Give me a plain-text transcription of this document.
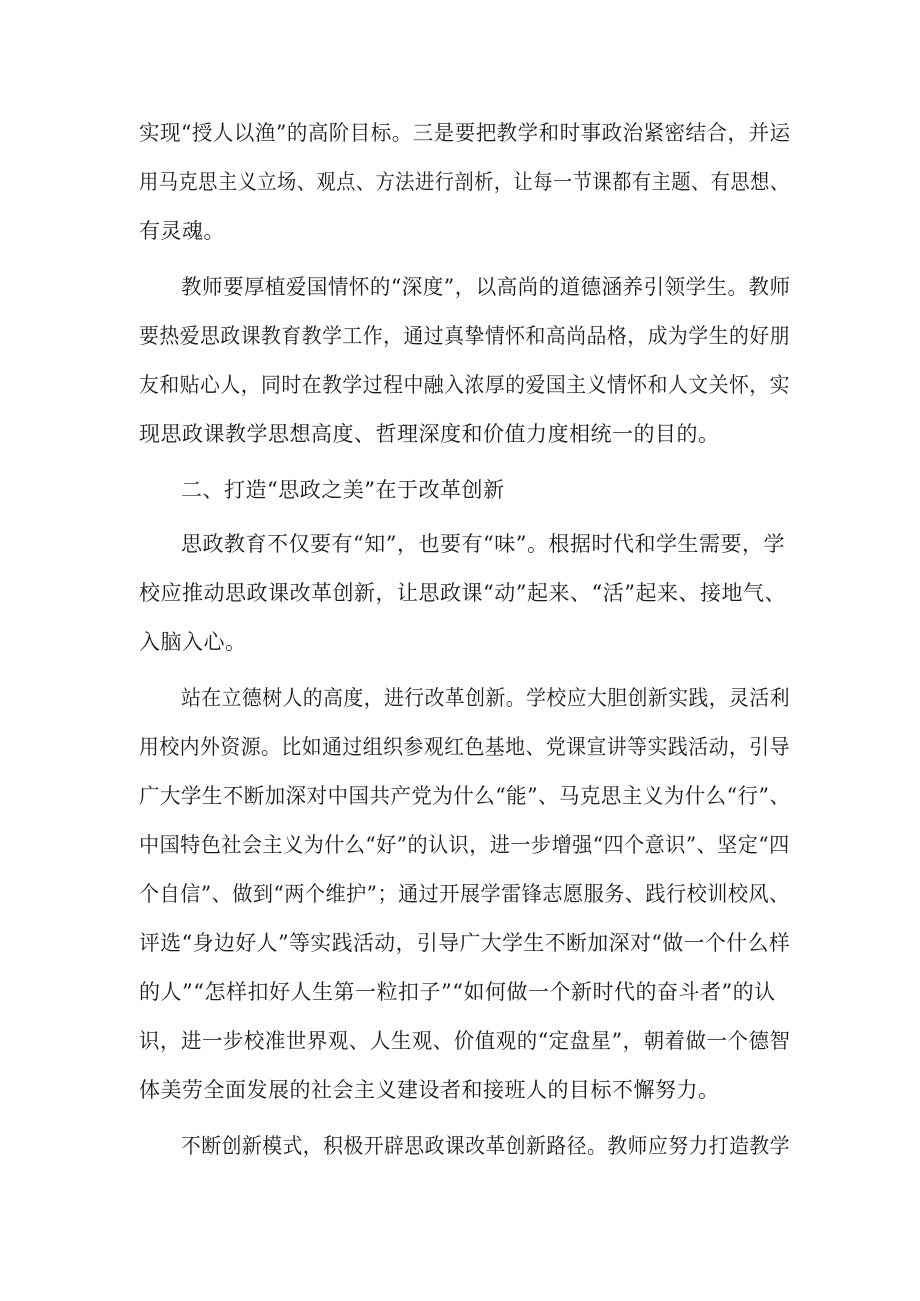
实现“授人以渔”的高阶目标。三是要把教学和时事政治紧密结合，并运
用马克思主义立场、观点、方法进行剖析，让每一节课都有主题、有思想、
有灵魂。
教师要厚植爱国情怀的“深度”，以高尚的道德涵养引领学生。教师
要热爱思政课教育教学工作，通过真挚情怀和高尚品格，成为学生的好朋
友和贴心人，同时在教学过程中融入浓厚的爱国主义情怀和人文关怀，实
现思政课教学思想高度、哲理深度和价值力度相统一的目的。
二、打造“思政之美”在于改革创新
思政教育不仅要有“知”，也要有“味”。根据时代和学生需要，学
校应推动思政课改革创新，让思政课“动”起来、“活”起来、接地气、
入脑入心。
站在立德树人的高度，进行改革创新。学校应大胆创新实践，灵活利
用校内外资源。比如通过组织参观红色基地、党课宣讲等实践活动，引导
广大学生不断加深对中国共产党为什么“能”、马克思主义为什么“行”、
中国特色社会主义为什么“好”的认识，进一步增强“四个意识”、坚定“四
个自信”、做到“两个维护”；通过开展学雷锋志愿服务、践行校训校风、
评选“身边好人”等实践活动，引导广大学生不断加深对“做一个什么样
的人”“怎样扣好人生第一粒扣子”“如何做一个新时代的奋斗者”的认
识，进一步校准世界观、人生观、价值观的“定盘星”，朝着做一个德智
体美劳全面发展的社会主义建设者和接班人的目标不懈努力。
不断创新模式，积极开辟思政课改革创新路径。教师应努力打造教学
